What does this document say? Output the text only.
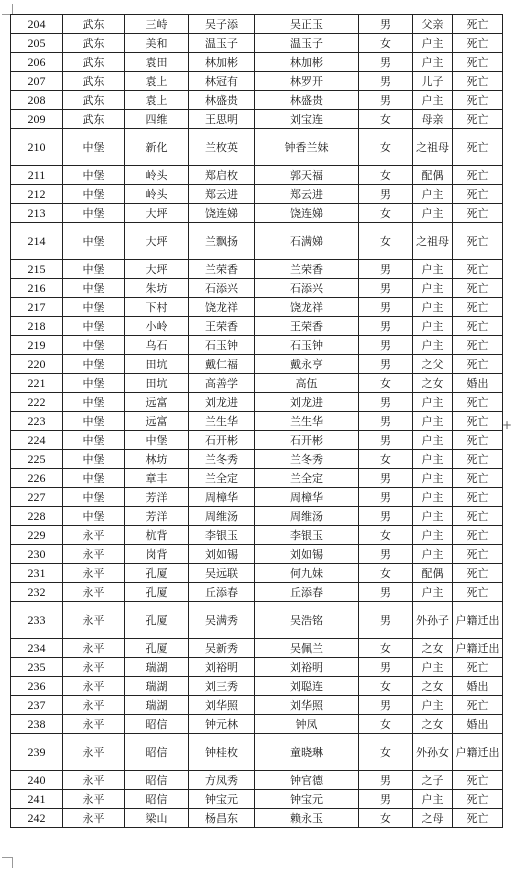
204	武东	三峙	吴子添	吴正玉	男	父亲	死亡
205	武东	美和	温玉子	温玉子	女	户主	死亡
206	武东	袁田	林加彬	林加彬	男	户主	死亡
207	武东	袁上	林冠有	林罗开	男	儿子	死亡
208	武东	袁上	林盛贵	林盛贵	男	户主	死亡
209	武东	四维	王思明	刘宝连	女	母亲	死亡
210	中堡	新化	兰枚英	钟香兰妹	女	之祖母	死亡
211	中堡	岭头	郑启枚	郭天福	女	配偶	死亡
212	中堡	岭头	郑云进	郑云进	男	户主	死亡
213	中堡	大坪	饶连娣	饶连娣	女	户主	死亡
214	中堡	大坪	兰飘扬	石满娣	女	之祖母	死亡
215	中堡	大坪	兰荣香	兰荣香	男	户主	死亡
216	中堡	朱坊	石添兴	石添兴	男	户主	死亡
217	中堡	下村	饶龙祥	饶龙祥	男	户主	死亡
218	中堡	小岭	王荣香	王荣香	男	户主	死亡
219	中堡	乌石	石玉钟	石玉钟	男	户主	死亡
220	中堡	田坑	戴仁福	戴永亨	男	之父	死亡
221	中堡	田坑	高善学	高伍	女	之女	婚出
222	中堡	远富	刘龙进	刘龙进	男	户主	死亡
223	中堡	远富	兰生华	兰生华	男	户主	死亡
224	中堡	中堡	石开彬	石开彬	男	户主	死亡
225	中堡	林坊	兰冬秀	兰冬秀	女	户主	死亡
226	中堡	章丰	兰全定	兰全定	男	户主	死亡
227	中堡	芳洋	周樟华	周樟华	男	户主	死亡
228	中堡	芳洋	周维汤	周维汤	男	户主	死亡
229	永平	杭背	李银玉	李银玉	女	户主	死亡
230	永平	岗背	刘如锡	刘如锡	男	户主	死亡
231	永平	孔厦	吴远联	何九妹	女	配偶	死亡
232	永平	孔厦	丘添春	丘添春	男	户主	死亡
233	永平	孔厦	吴满秀	吴浩铭	男	外孙子	户籍迁出
234	永平	孔厦	吴新秀	吴佩兰	女	之女	户籍迁出
235	永平	瑞湖	刘裕明	刘裕明	男	户主	死亡
236	永平	瑞湖	刘三秀	刘聪连	女	之女	婚出
237	永平	瑞湖	刘华照	刘华照	男	户主	死亡
238	永平	昭信	钟元林	钟凤	女	之女	婚出
239	永平	昭信	钟桂枚	童晓琳	女	外孙女	户籍迁出
240	永平	昭信	方凤秀	钟官德	男	之子	死亡
241	永平	昭信	钟宝元	钟宝元	男	户主	死亡
242	永平	梁山	杨昌东	赖永玉	女	之母	死亡
+
